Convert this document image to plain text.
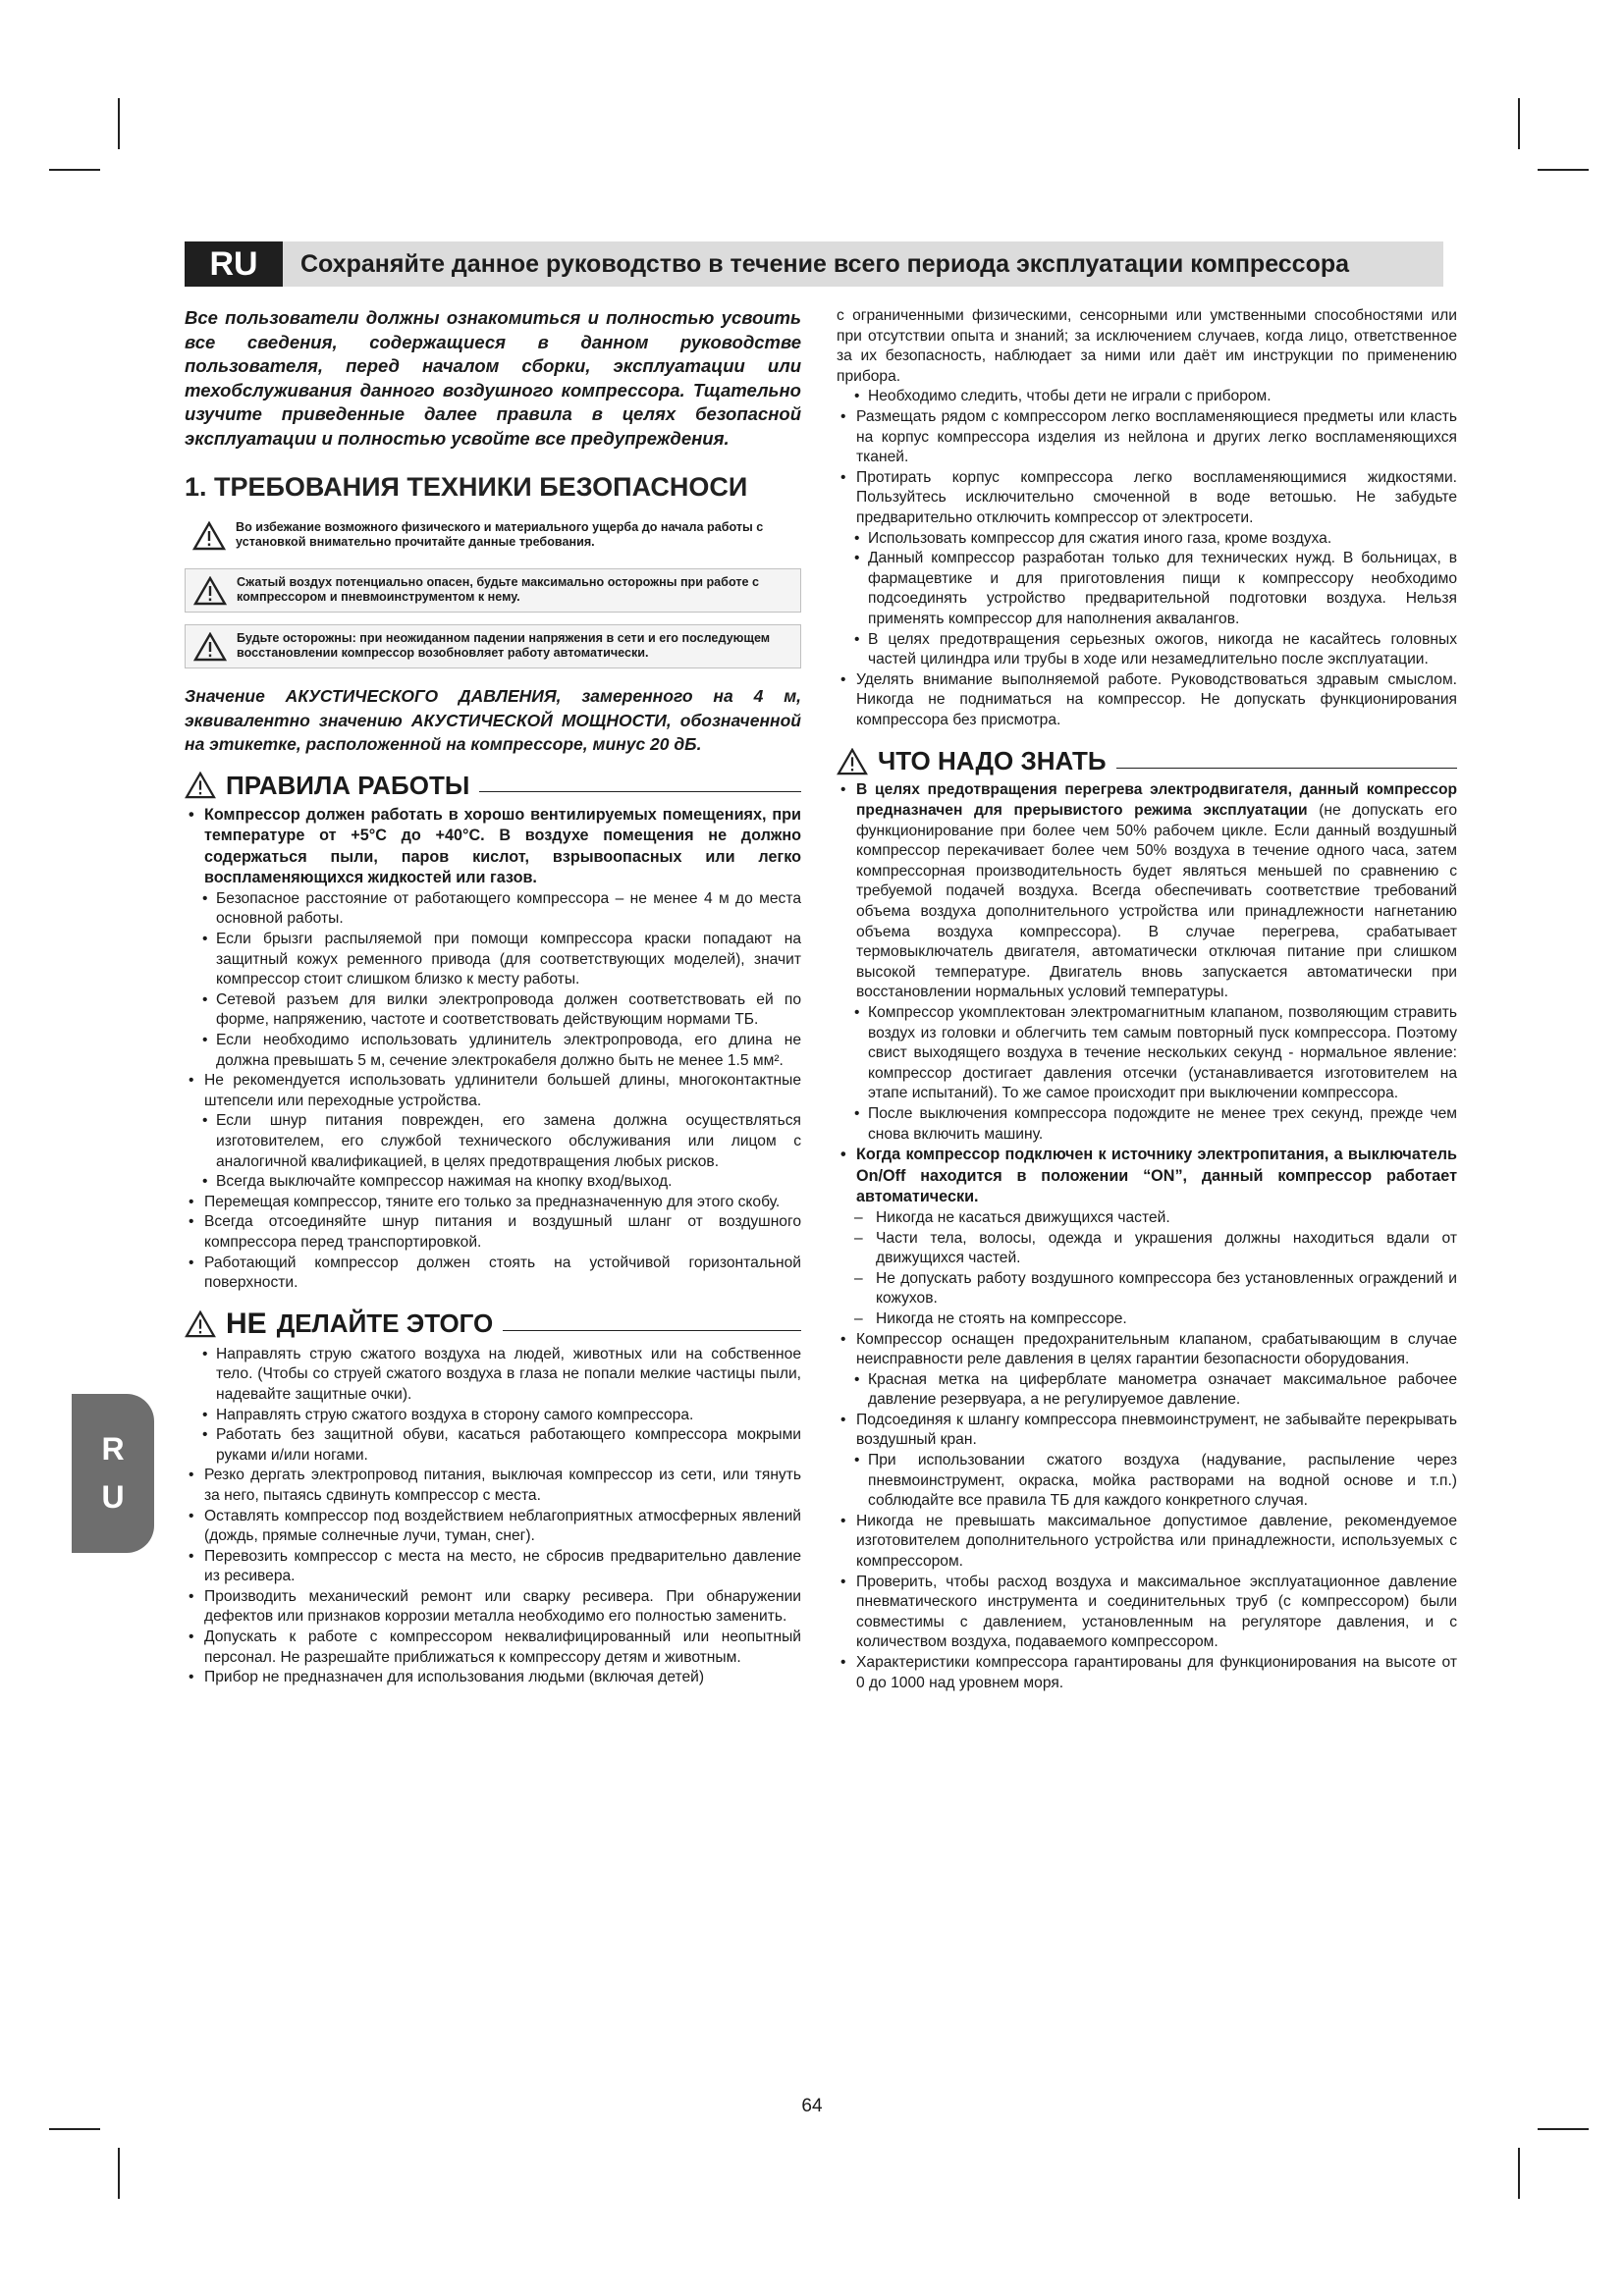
RU	Сохраняйте данное руководство в течение всего периода эксплуатации компрессора
R
U

Все пользователи должны ознакомиться и полностью усвоить все сведения, содержащиеся в данном руководстве пользователя, перед началом сборки, эксплуатации или техобслуживания данного воздушного компрессора. Тщательно изучите приведенные далее правила в целях безопасной эксплуатации и полностью усвойте все предупреждения.

1. ТРЕБОВАНИЯ ТЕХНИКИ БЕЗОПАСНОСИ
Во избежание возможного физического и материального ущерба до начала работы с установкой внимательно прочитайте данные требования.
Сжатый воздух потенциально опасен, будьте максимально осторожны при работе с компрессором и пневмоинструментом к нему.
Будьте осторожны: при неожиданном падении напряжения в сети и его последующем восстановлении компрессор возобновляет работу автоматически.

Значение АКУСТИЧЕСКОГО ДАВЛЕНИЯ, замеренного на 4 м, эквивалентно значению АКУСТИЧЕСКОЙ МОЩНОСТИ, обозначенной на этикетке, расположенной на компрессоре, минус 20 дБ.

ПРАВИЛА РАБОТЫ

• Компрессор должен работать в хорошо вентилируемых помещениях, при температуре от +5°C до +40°C. В воздухе помещения не должно содержаться пыли, паров кислот, взрывоопасных или легко воспламеняющихся жидкостей или газов.

• Безопасное расстояние от работающего компрессора – не менее 4 м до места основной работы.

• Если брызги распыляемой при помощи компрессора краски попадают на защитный кожух ременного привода (для соответствующих моделей), значит компрессор стоит слишком близко к месту работы.

• Сетевой разъем для вилки электропровода должен соответствовать ей по форме, напряжению, частоте и соответствовать действующим нормами ТБ.

• Если необходимо использовать удлинитель электропровода, его длина не должна превышать 5 м, сечение электрокабеля должно быть не менее 1.5 мм².

• Не рекомендуется использовать удлинители большей длины, многоконтактные штепсели или переходные устройства.

• Если шнур питания поврежден, его замена должна осуществляться изготовителем, его службой технического обслуживания или лицом с аналогичной квалификацией, в целях предотвращения любых рисков.

• Всегда выключайте компрессор нажимая на кнопку вход/выход.

• Перемещая компрессор, тяните его только за предназначенную для этого скобу.

• Всегда отсоединяйте шнур питания и воздушный шланг от воздушного компрессора перед транспортировкой.

• Работающий компрессор должен стоять на устойчивой горизонтальной поверхности.

НЕ ДЕЛАЙТЕ ЭТОГО

• Направлять струю сжатого воздуха на людей, животных или на собственное тело. (Чтобы со струей сжатого воздуха в глаза не попали мелкие частицы пыли, надевайте защитные очки).

• Направлять струю сжатого воздуха в сторону самого компрессора.

• Работать без защитной обуви, касаться работающего компрессора мокрыми руками и/или ногами.

• Резко дергать электропровод питания, выключая компрессор из сети, или тянуть за него, пытаясь сдвинуть компрессор с места.

• Оставлять компрессор под воздействием неблагоприятных атмосферных явлений (дождь, прямые солнечные лучи, туман, снег).

• Перевозить компрессор с места на место, не сбросив предварительно давление из ресивера.

• Производить механический ремонт или сварку ресивера. При обнаружении дефектов или признаков коррозии металла необходимо его полностью заменить.

• Допускать к работе с компрессором неквалифицированный или неопытный персонал. Не разрешайте приближаться к компрессору детям и животным.

• Прибор не предназначен для использования людьми (включая детей)

с ограниченными физическими, сенсорными или умственными способностями или при отсутствии опыта и знаний; за исключением случаев, когда лицо, ответственное за их безопасность, наблюдает за ними или даёт им инструкции по применению прибора.

• Необходимо следить, чтобы дети не играли с прибором.

• Размещать рядом с компрессором легко воспламеняющиеся предметы или класть на корпус компрессора изделия из нейлона и других легко воспламеняющихся тканей.

• Протирать корпус компрессора легко воспламеняющимися жидкостями. Пользуйтесь исключительно смоченной в воде ветошью. Не забудьте предварительно отключить компрессор от электросети.

• Использовать компрессор для сжатия иного газа, кроме воздуха.

• Данный компрессор разработан только для технических нужд. В больницах, в фармацевтике и для приготовления пищи к компрессору необходимо подсоединять устройство предварительной подготовки воздуха. Нельзя применять компрессор для наполнения аквалангов.

• В целях предотвращения серьезных ожогов, никогда не касайтесь головных частей цилиндра или трубы в ходе или незамедлительно после эксплуатации.

• Уделять внимание выполняемой работе. Руководствоваться здравым смыслом. Никогда не подниматься на компрессор. Не допускать функционирования компрессора без присмотра.

ЧТО НАДО ЗНАТЬ

• В целях предотвращения перегрева электродвигателя, данный компрессор предназначен для прерывистого режима эксплуатации (не допускать его функционирование при более чем 50% рабочем цикле. Если данный воздушный компрессор перекачивает более чем 50% воздуха в течение одного часа, затем компрессорная производительность будет являться меньшей по сравнению с требуемой подачей воздуха. Всегда обеспечивать соответствие требований объема воздуха дополнительного устройства или принадлежности нагнетанию объема воздуха компрессора). В случае перегрева, срабатывает термовыключатель двигателя, автоматически отключая питание при слишком высокой температуре. Двигатель вновь запускается автоматически при восстановлении нормальных условий температуры.

• Компрессор укомплектован электромагнитным клапаном, позволяющим стравить воздух из головки и облегчить тем самым повторный пуск компрессора. Поэтому свист выходящего воздуха в течение нескольких секунд - нормальное явление: компрессор достигает давления отсечки (устанавливается изготовителем на этапе испытаний). То же самое происходит при выключении компрессора.

• После выключения компрессора подождите не менее трех секунд, прежде чем снова включить машину.

• Когда компрессор подключен к источнику электропитания, а выключатель On/Off находится в положении “ON”, данный компрессор работает автоматически.

– Никогда не касаться движущихся частей.

– Части тела, волосы, одежда и украшения должны находиться вдали от движущихся частей.

– Не допускать работу воздушного компрессора без установленных ограждений и кожухов.

– Никогда не стоять на компрессоре.

• Компрессор оснащен предохранительным клапаном, срабатывающим в случае неисправности реле давления в целях гарантии безопасности оборудования.

• Красная метка на циферблате манометра означает максимальное рабочее давление резервуара, а не регулируемое давление.

• Подсоединяя к шлангу компрессора пневмоинструмент, не забывайте перекрывать воздушный кран.

• При использовании сжатого воздуха (надувание, распыление через пневмоинструмент, окраска, мойка растворами на водной основе и т.п.) соблюдайте все правила ТБ для каждого конкретного случая.

• Никогда не превышать максимальное допустимое давление, рекомендуемое изготовителем дополнительного устройства или принадлежности, используемых с компрессором.

• Проверить, чтобы расход воздуха и максимальное эксплуатационное давление пневматического инструмента и соединительных труб (с компрессором) были совместимы с давлением, установленным на регуляторе давления, и с количеством воздуха, подаваемого компрессором.

• Характеристики компрессора гарантированы для функционирования на высоте от 0 до 1000 над уровнем моря.

64
